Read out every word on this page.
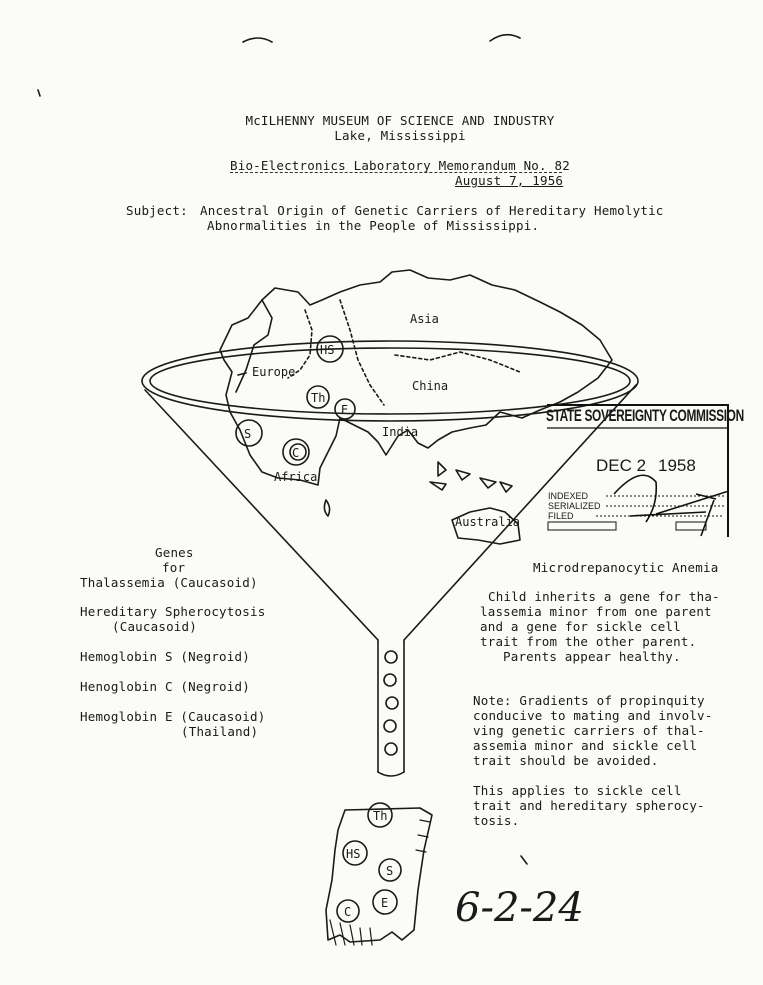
McILHENNY MUSEUM OF SCIENCE AND INDUSTRY
Lake, Mississippi
Bio-Electronics Laboratory Memorandum No. 82
August 7, 1956
Subject: Ancestral Origin of Genetic Carriers of Hereditary Hemolytic
Abnormalities in the People of Mississippi.
Asia
Europe
China
India
Africa
Australia
HS
Th
E
S
C
Th
HS
S
E
C
Genes
for
Thalassemia (Caucasoid)
Hereditary Spherocytosis
(Caucasoid)
Hemoglobin S (Negroid)
Henoglobin C (Negroid)
Hemoglobin E (Caucasoid)
(Thailand)
Microdrepanocytic Anemia
Child inherits a gene for tha-
lassemia minor from one parent
and a gene for sickle cell
trait from the other parent.
Parents appear healthy.
Note: Gradients of propinquity
conducive to mating and involv-
ving genetic carriers of thal-
assemia minor and sickle cell
trait should be avoided.
This applies to sickle cell
trait and hereditary spherocy-
tosis.
STATE SOVEREIGNTY COMMISSION
DEC 2 1958
INDEXED
SERIALIZED
FILED
6-2-24
